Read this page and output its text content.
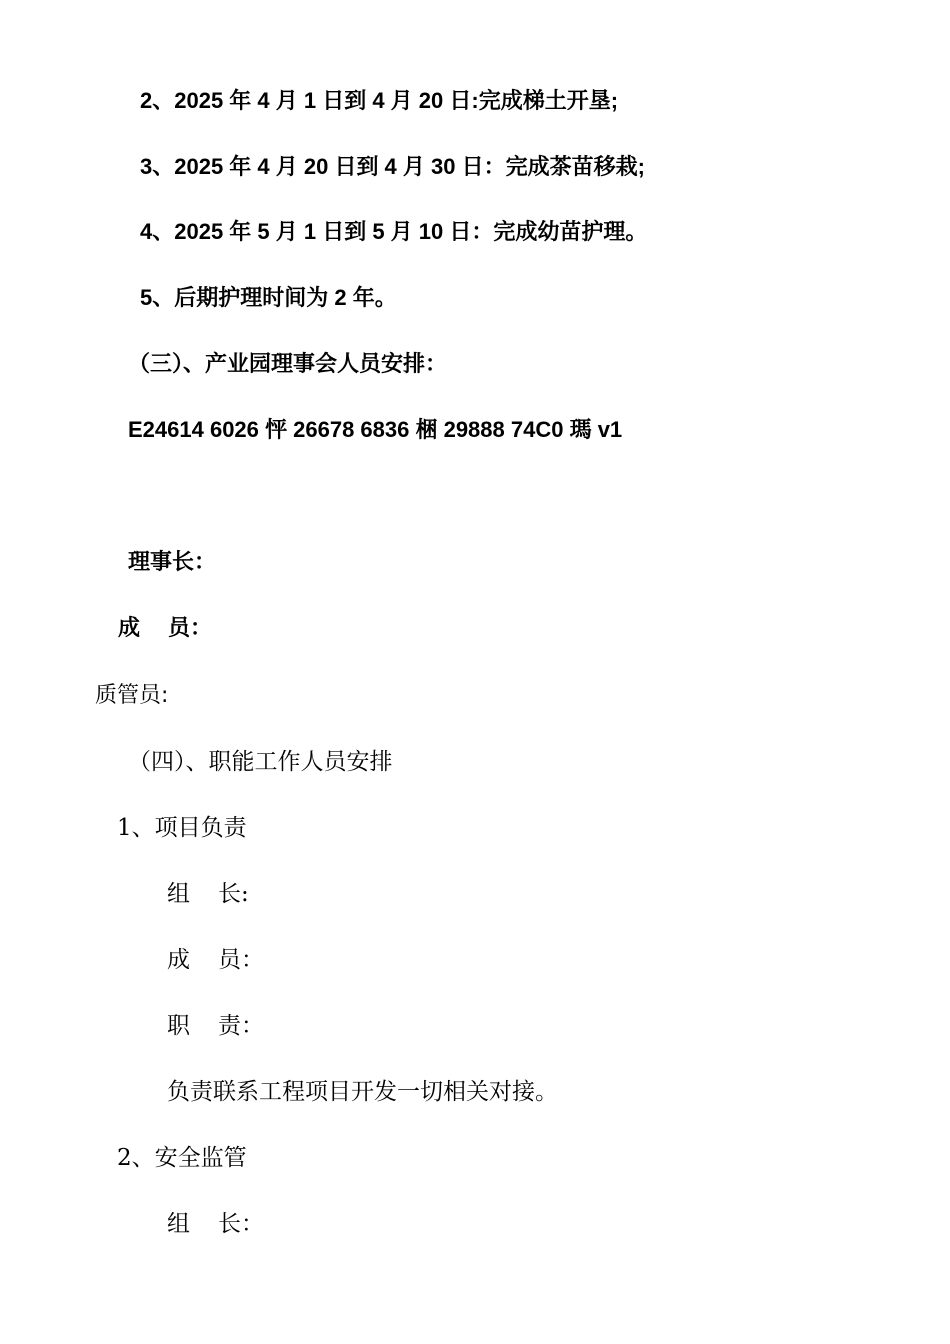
2、2025 年 4 月 1 日到 4 月 20 日:完成梯土开垦;
3、2025 年 4 月 20 日到 4 月 30 日：完成茶苗移栽;
4、2025 年 5 月 1 日到 5 月 10 日：完成幼苗护理。
5、后期护理时间为 2 年。
（三）、产业园理事会人员安排：
E24614 6026 怦 26678 6836 梱 29888 74C0 瑪 v1
理事长：
成 员：
质管员:
（四）、职能工作人员安排
1、项目负责
组 长:
成 员：
职 责：
负责联系工程项目开发一切相关对接。
2、安全监管
组 长：
